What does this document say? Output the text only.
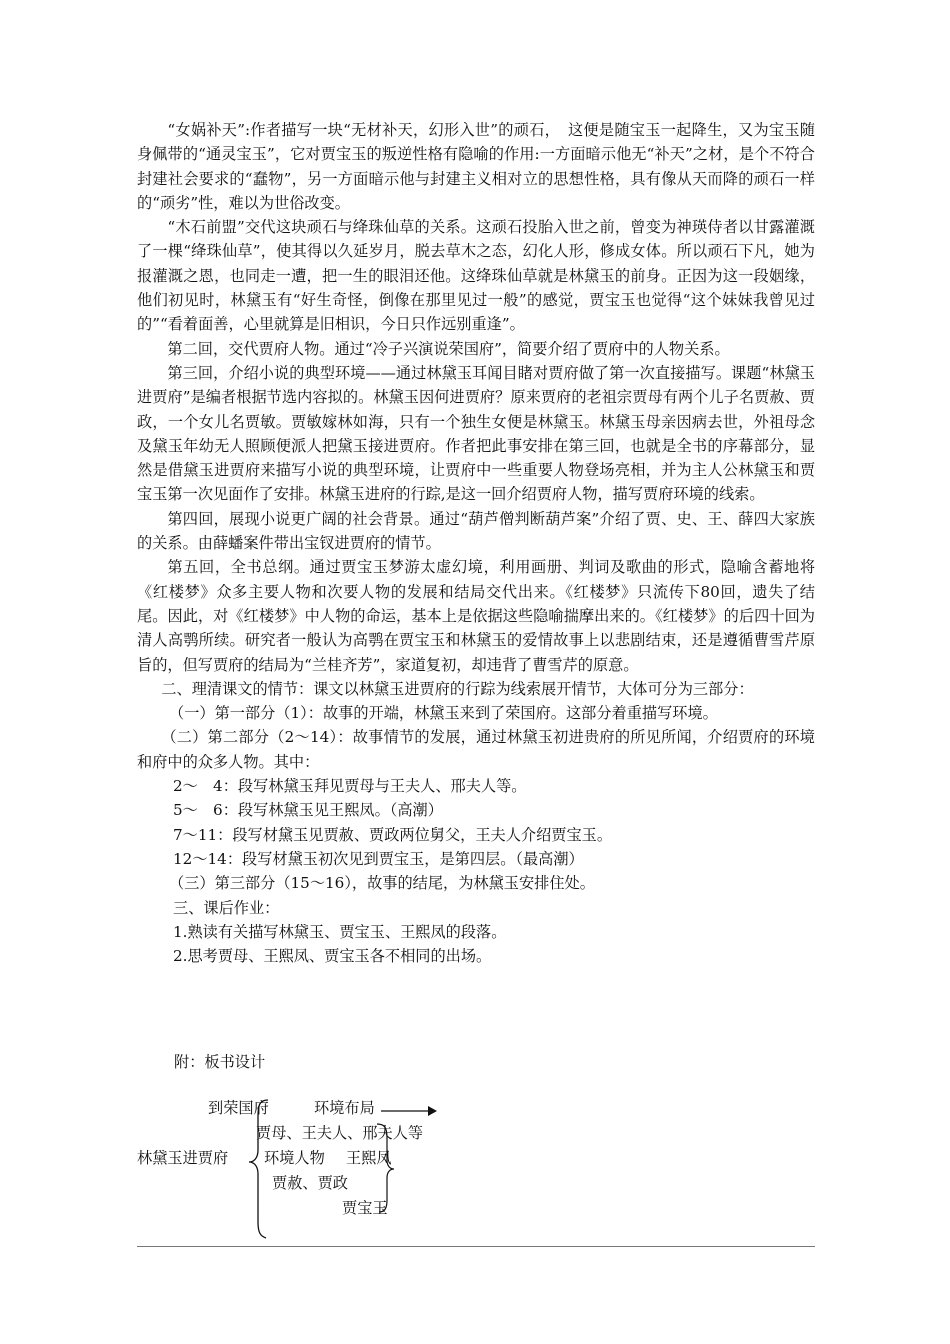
“女娲补天”:作者描写一块“无材补天，幻形入世”的顽石，　这便是随宝玉一起降生，又为宝玉随身佩带的“通灵宝玉”，它对贾宝玉的叛逆性格有隐喻的作用:一方面暗示他无“补天”之材，是个不符合封建社会要求的“蠢物”，另一方面暗示他与封建主义相对立的思想性格，具有像从天而降的顽石一样的“顽劣”性，难以为世俗改变。

“木石前盟”交代这块顽石与绛珠仙草的关系。这顽石投胎入世之前，曾变为神瑛侍者以甘露灌溉了一棵“绛珠仙草”，使其得以久延岁月，脱去草木之态，幻化人形，修成女体。所以顽石下凡，她为报灌溉之恩，也同走一遭，把一生的眼泪还他。这绛珠仙草就是林黛玉的前身。正因为这一段姻缘，他们初见时，林黛玉有“好生奇怪，倒像在那里见过一般”的感觉，贾宝玉也觉得“这个妹妹我曾见过的”“看着面善，心里就算是旧相识，今日只作远别重逢”。

第二回，交代贾府人物。通过“冷子兴演说荣国府”，简要介绍了贾府中的人物关系。

第三回，介绍小说的典型环境——通过林黛玉耳闻目睹对贾府做了第一次直接描写。课题“林黛玉进贾府”是编者根据节选内容拟的。林黛玉因何进贾府？原来贾府的老祖宗贾母有两个儿子名贾赦、贾政，一个女儿名贾敏。贾敏嫁林如海，只有一个独生女便是林黛玉。林黛玉母亲因病去世，外祖母念及黛玉年幼无人照顾便派人把黛玉接进贾府。作者把此事安排在第三回，也就是全书的序幕部分，显然是借黛玉进贾府来描写小说的典型环境，让贾府中一些重要人物登场亮相，并为主人公林黛玉和贾宝玉第一次见面作了安排。林黛玉进府的行踪,是这一回介绍贾府人物，描写贾府环境的线索。

第四回，展现小说更广阔的社会背景。通过“葫芦僧判断葫芦案”介绍了贾、史、王、薛四大家族的关系。由薛蟠案件带出宝钗进贾府的情节。

第五回，全书总纲。通过贾宝玉梦游太虚幻境，利用画册、判词及歌曲的形式，隐喻含蓄地将《红楼梦》众多主要人物和次要人物的发展和结局交代出来。《红楼梦》只流传下80回，遗失了结尾。因此，对《红楼梦》中人物的命运，基本上是依据这些隐喻揣摩出来的。《红楼梦》的后四十回为清人高鹗所续。研究者一般认为高鹗在贾宝玉和林黛玉的爱情故事上以悲剧结束，还是遵循曹雪芹原旨的，但写贾府的结局为“兰桂齐芳”，家道复初，却违背了曹雪芹的原意。

二、理清课文的情节：课文以林黛玉进贾府的行踪为线索展开情节，大体可分为三部分：

（一）第一部分（1）：故事的开端，林黛玉来到了荣国府。这部分着重描写环境。

（二）第二部分（2～14）：故事情节的发展，通过林黛玉初进贵府的所见所闻，介绍贾府的环境和府中的众多人物。其中：

2～　4：段写林黛玉拜见贾母与王夫人、邢夫人等。

5～　6：段写林黛玉见王熙凤。（高潮）

7～11：段写材黛玉见贾赦、贾政两位舅父，王夫人介绍贾宝玉。

12～14：段写材黛玉初次见到贾宝玉，是第四层。（最高潮）

（三）第三部分（15～16），故事的结尾，为林黛玉安排住处。

三、课后作业：

1.熟读有关描写林黛玉、贾宝玉、王熙凤的段落。

2.思考贾母、王熙凤、贾宝玉各不相同的出场。

附：板书设计
到荣国府	环境布局
贾母、王夫人、邢夫人等
林黛玉进贾府 环境人物 王熙凤
贾赦、贾政
贾宝玉
